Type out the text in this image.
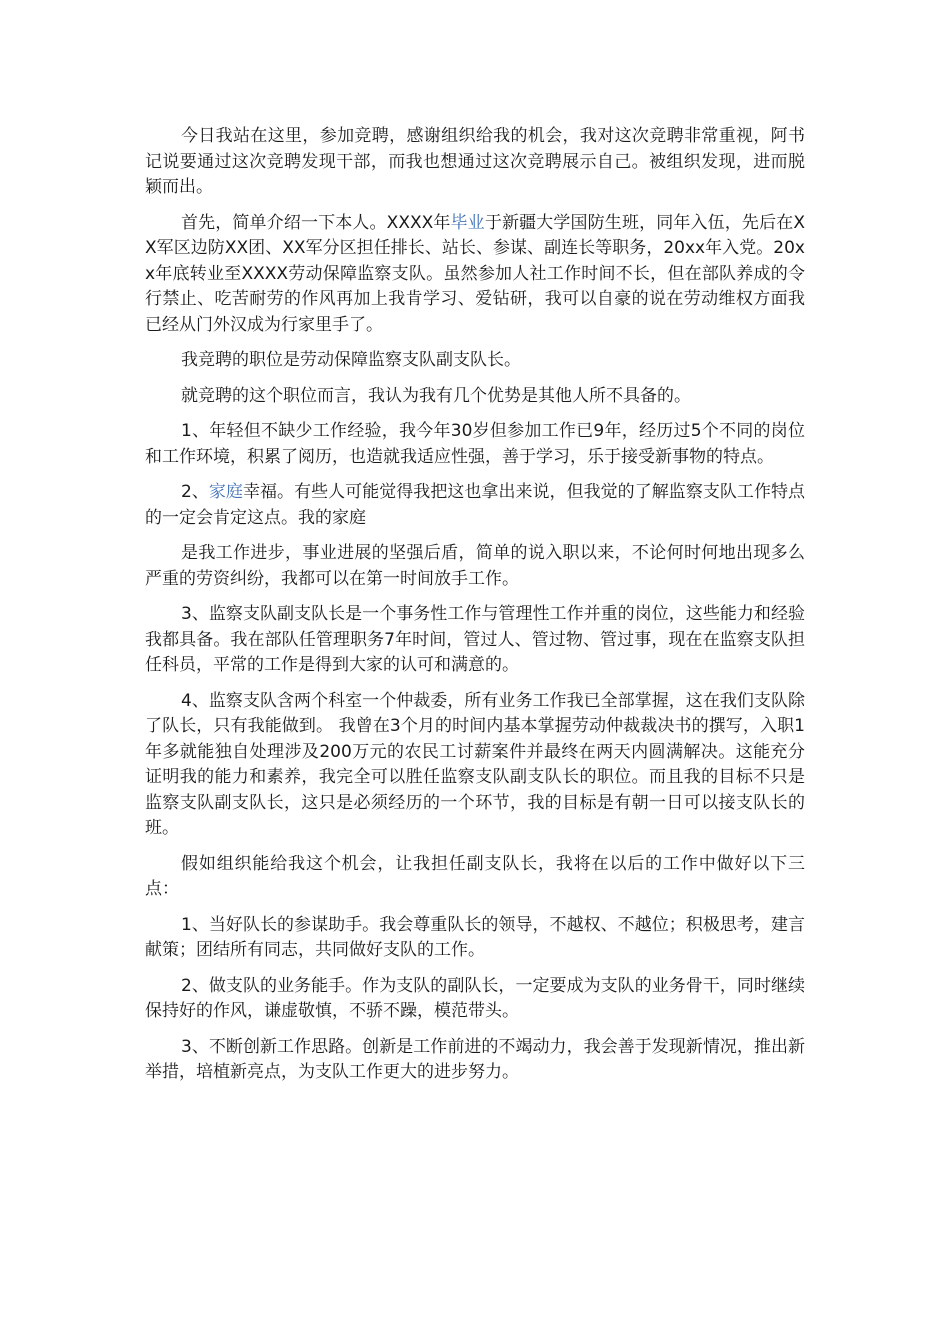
今日我站在这里，参加竞聘，感谢组织给我的机会，我对这次竞聘非常重视，阿书记说要通过这次竞聘发现干部，而我也想通过这次竞聘展示自己。被组织发现，进而脱颖而出。

首先，简单介绍一下本人。XXXX年毕业于新疆大学国防生班，同年入伍，先后在XX军区边防XX团、XX军分区担任排长、站长、参谋、副连长等职务，20xx年入党。20xx年底转业至XXXX劳动保障监察支队。虽然参加人社工作时间不长，但在部队养成的令行禁止、吃苦耐劳的作风再加上我肯学习、爱钻研，我可以自豪的说在劳动维权方面我已经从门外汉成为行家里手了。

我竞聘的职位是劳动保障监察支队副支队长。

就竞聘的这个职位而言，我认为我有几个优势是其他人所不具备的。

1、年轻但不缺少工作经验，我今年30岁但参加工作已9年，经历过5个不同的岗位和工作环境，积累了阅历，也造就我适应性强，善于学习，乐于接受新事物的特点。

2、家庭幸福。有些人可能觉得我把这也拿出来说，但我觉的了解监察支队工作特点的一定会肯定这点。我的家庭

是我工作进步，事业进展的坚强后盾，简单的说入职以来，不论何时何地出现多么严重的劳资纠纷，我都可以在第一时间放手工作。

3、监察支队副支队长是一个事务性工作与管理性工作并重的岗位，这些能力和经验我都具备。我在部队任管理职务7年时间，管过人、管过物、管过事，现在在监察支队担任科员，平常的工作是得到大家的认可和满意的。

4、监察支队含两个科室一个仲裁委，所有业务工作我已全部掌握，这在我们支队除了队长，只有我能做到。 我曾在3个月的时间内基本掌握劳动仲裁裁决书的撰写，入职1年多就能独自处理涉及200万元的农民工讨薪案件并最终在两天内圆满解决。这能充分证明我的能力和素养，我完全可以胜任监察支队副支队长的职位。而且我的目标不只是监察支队副支队长，这只是必须经历的一个环节，我的目标是有朝一日可以接支队长的班。

假如组织能给我这个机会，让我担任副支队长，我将在以后的工作中做好以下三点：

1、当好队长的参谋助手。我会尊重队长的领导，不越权、不越位；积极思考，建言献策；团结所有同志，共同做好支队的工作。

2、做支队的业务能手。作为支队的副队长，一定要成为支队的业务骨干，同时继续保持好的作风，谦虚敬慎，不骄不躁，模范带头。

3、不断创新工作思路。创新是工作前进的不竭动力，我会善于发现新情况，推出新举措，培植新亮点，为支队工作更大的进步努力。
